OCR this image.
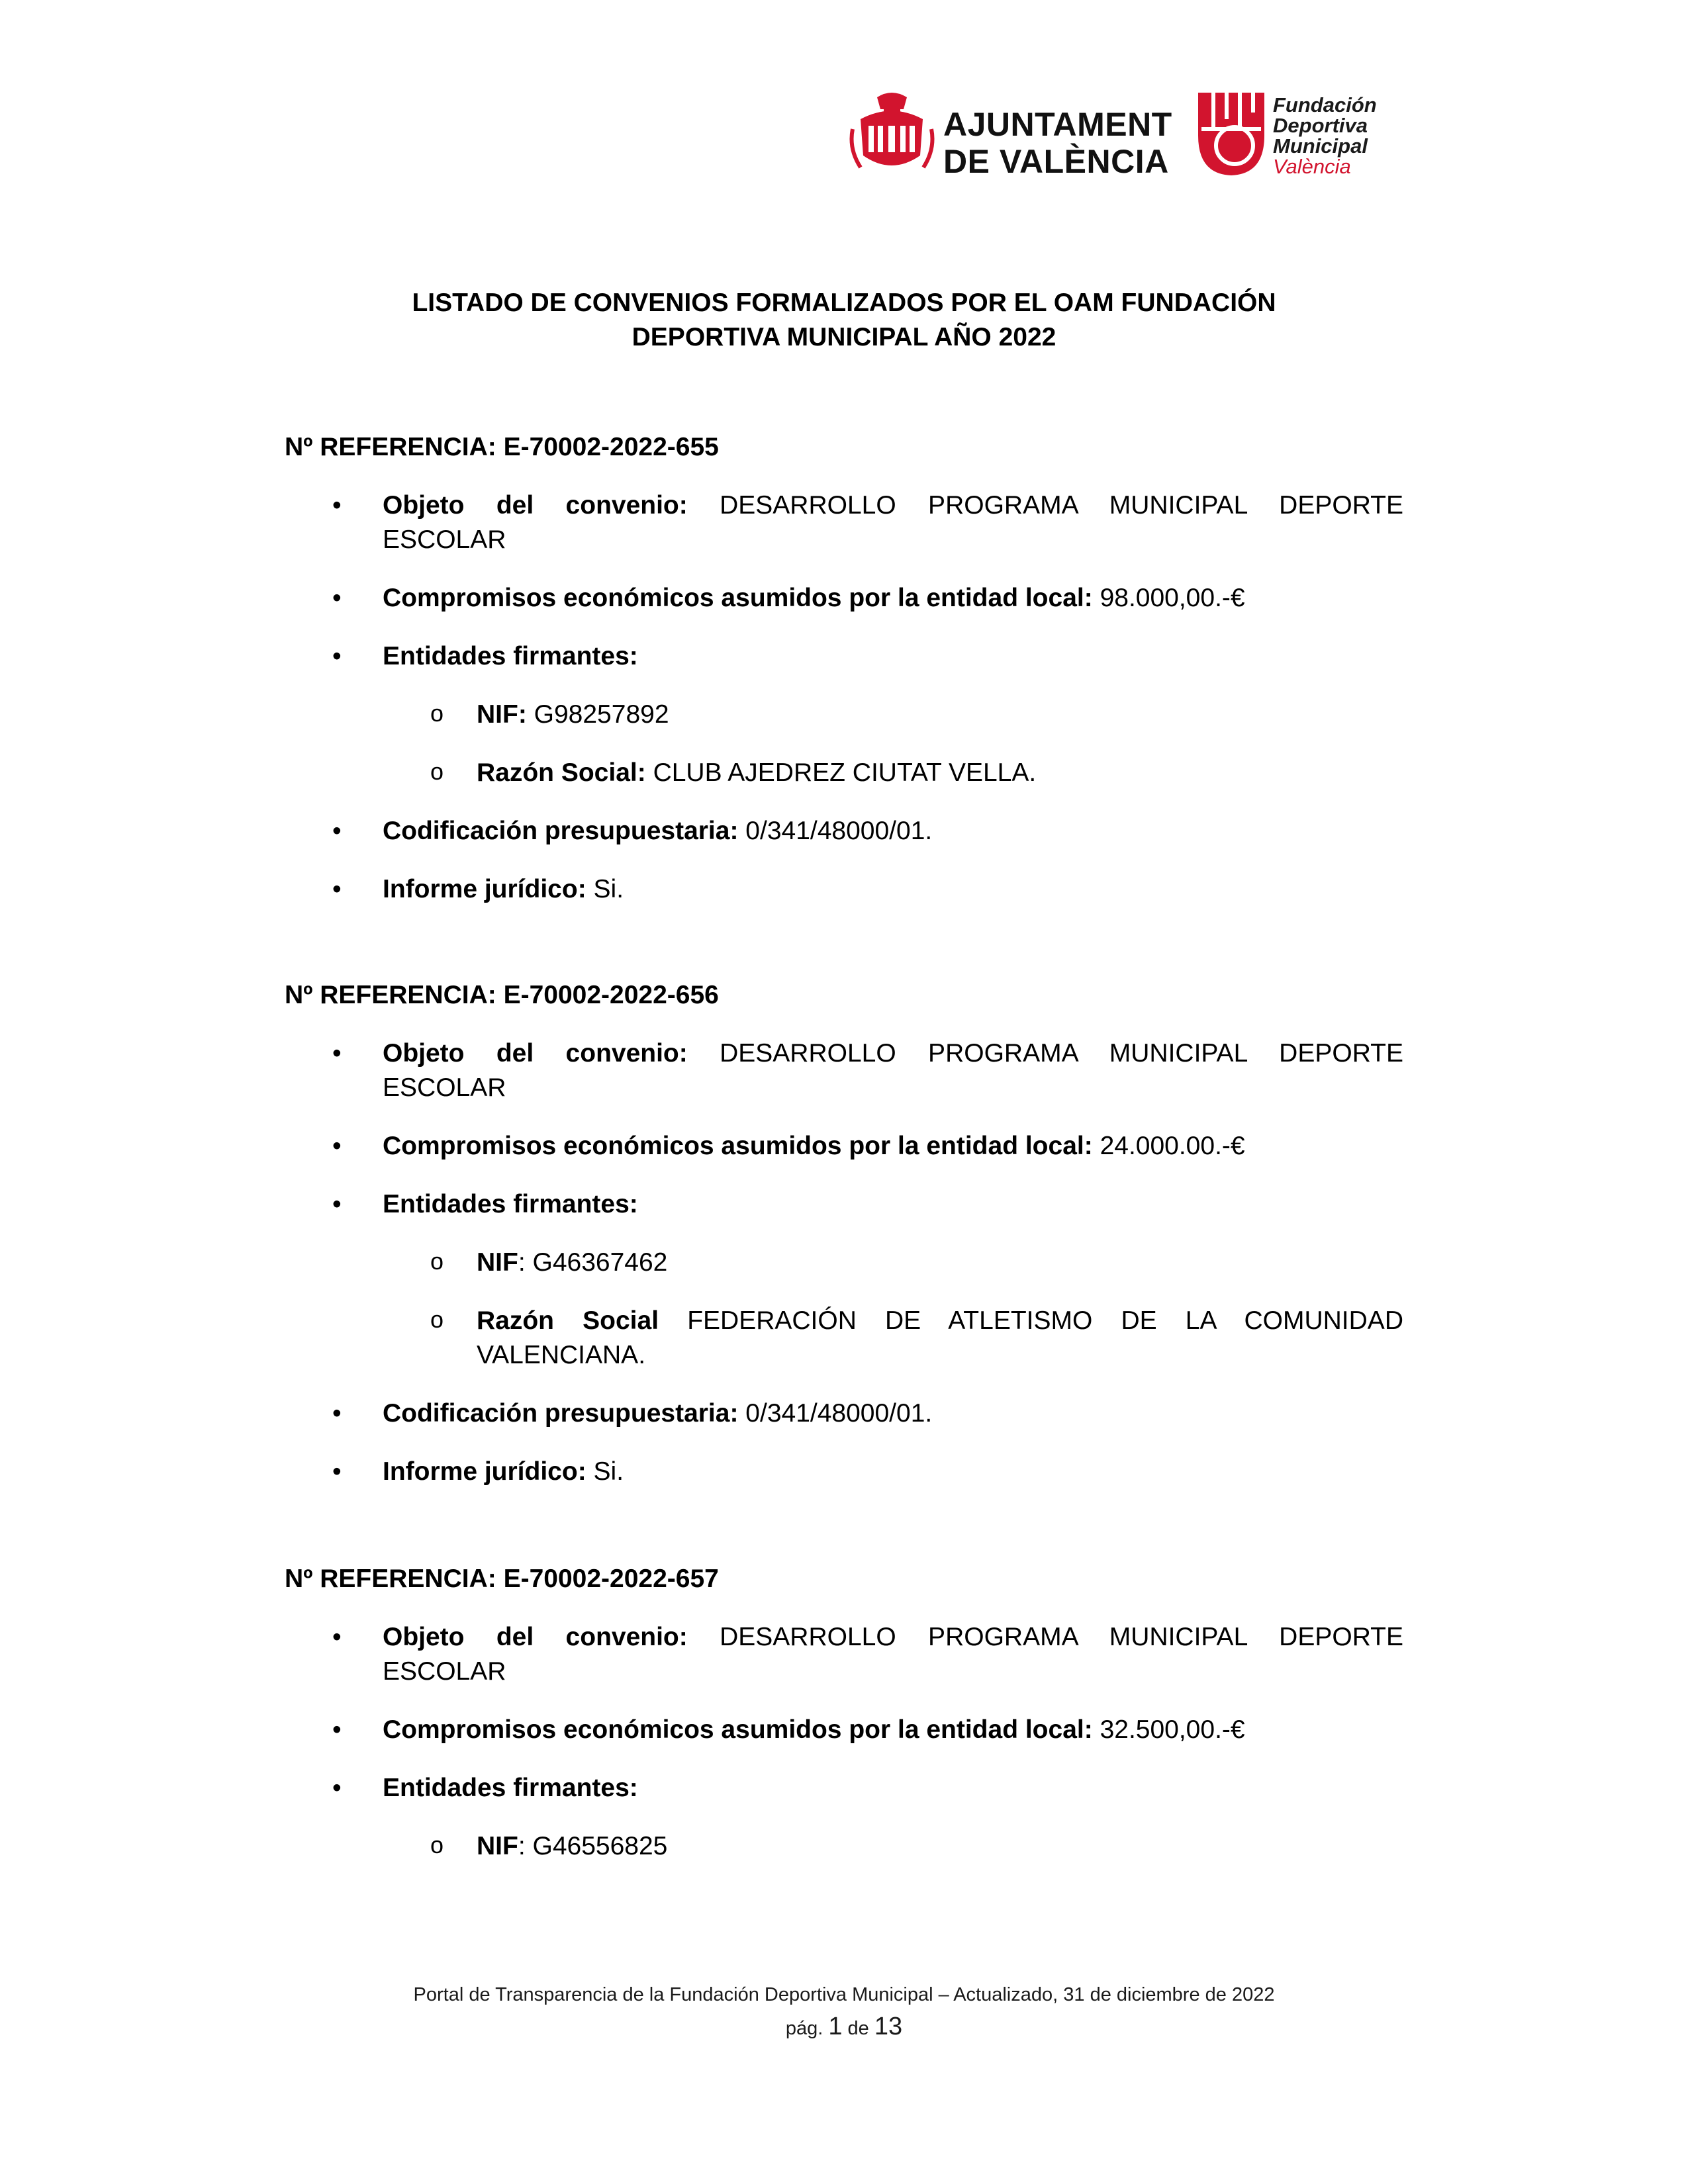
AJUNTAMENT
DE VALÈNCIA
Fundación
Deportiva
Municipal
València
LISTADO DE CONVENIOS FORMALIZADOS POR EL OAM FUNDACIÓN
DEPORTIVA MUNICIPAL AÑO 2022
Nº REFERENCIA: E-70002-2022-655
• Objeto del convenio: DESARROLLO PROGRAMA MUNICIPAL DEPORTE
ESCOLAR
• Compromisos económicos asumidos por la entidad local: 98.000,00.-€
• Entidades firmantes:
o NIF: G98257892
o Razón Social: CLUB AJEDREZ CIUTAT VELLA.
• Codificación presupuestaria: 0/341/48000/01.
• Informe jurídico: Si.
Nº REFERENCIA: E-70002-2022-656
• Objeto del convenio: DESARROLLO PROGRAMA MUNICIPAL DEPORTE
ESCOLAR
• Compromisos económicos asumidos por la entidad local: 24.000.00.-€
• Entidades firmantes:
o NIF: G46367462
o Razón Social FEDERACIÓN DE ATLETISMO DE LA COMUNIDAD
VALENCIANA.
• Codificación presupuestaria: 0/341/48000/01.
• Informe jurídico: Si.
Nº REFERENCIA: E-70002-2022-657
• Objeto del convenio: DESARROLLO PROGRAMA MUNICIPAL DEPORTE
ESCOLAR
• Compromisos económicos asumidos por la entidad local: 32.500,00.-€
• Entidades firmantes:
o NIF: G46556825
Portal de Transparencia de la Fundación Deportiva Municipal – Actualizado, 31 de diciembre de 2022
pág. 1 de 13
